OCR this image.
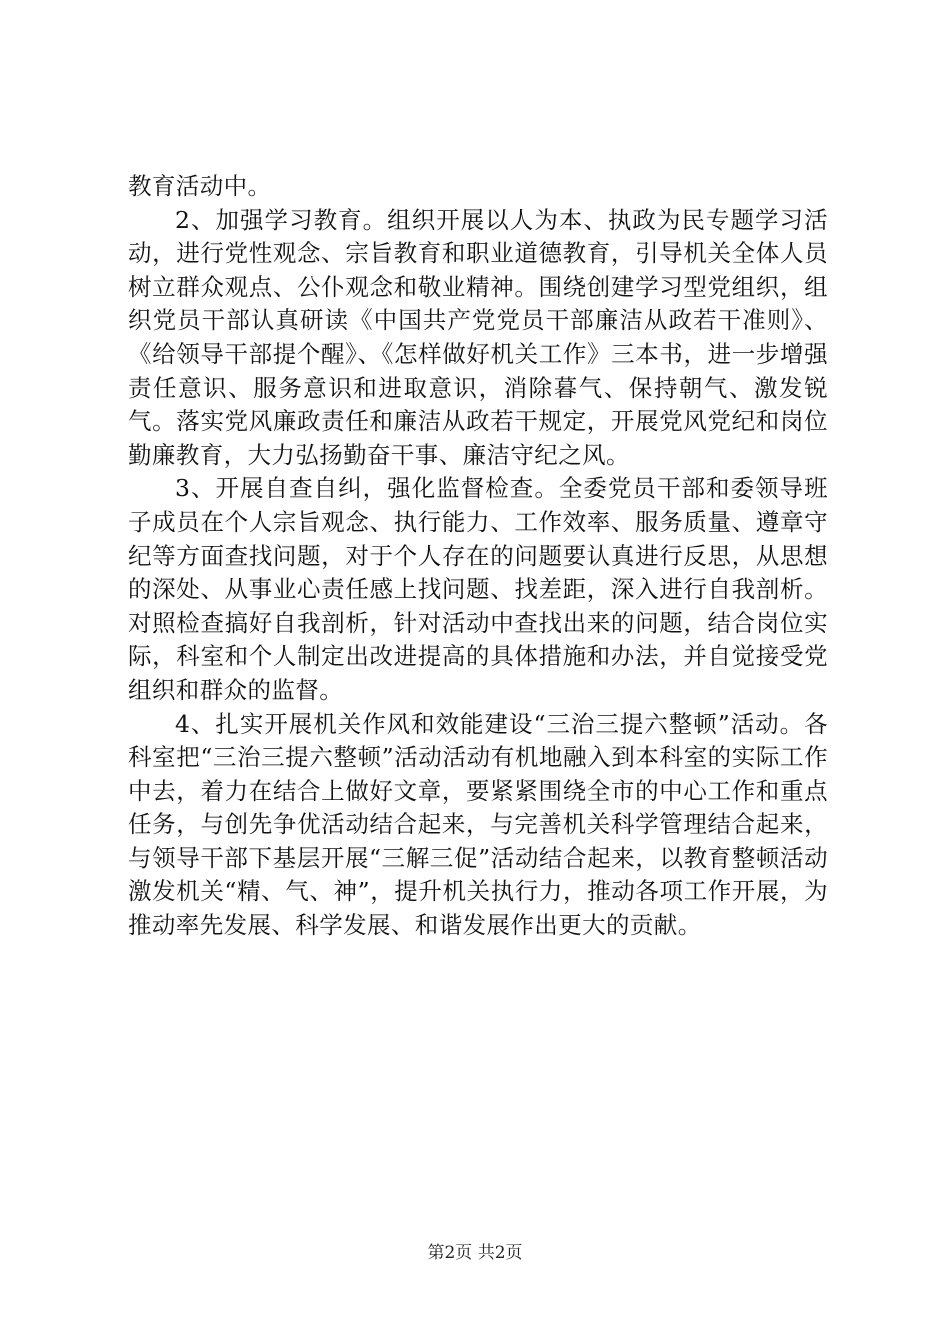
教育活动中。

2、加强学习教育。组织开展以人为本、执政为民专题学习活动，进行党性观念、宗旨教育和职业道德教育，引导机关全体人员树立群众观点、公仆观念和敬业精神。围绕创建学习型党组织，组织党员干部认真研读《中国共产党党员干部廉洁从政若干准则》、《给领导干部提个醒》、《怎样做好机关工作》三本书，进一步增强责任意识、服务意识和进取意识，消除暮气、保持朝气、激发锐气。落实党风廉政责任和廉洁从政若干规定，开展党风党纪和岗位勤廉教育，大力弘扬勤奋干事、廉洁守纪之风。

3、开展自查自纠，强化监督检查。全委党员干部和委领导班子成员在个人宗旨观念、执行能力、工作效率、服务质量、遵章守纪等方面查找问题，对于个人存在的问题要认真进行反思，从思想的深处、从事业心责任感上找问题、找差距，深入进行自我剖析。对照检查搞好自我剖析，针对活动中查找出来的问题，结合岗位实际，科室和个人制定出改进提高的具体措施和办法，并自觉接受党组织和群众的监督。

4、扎实开展机关作风和效能建设“三治三提六整顿”活动。各科室把“三治三提六整顿”活动活动有机地融入到本科室的实际工作中去，着力在结合上做好文章，要紧紧围绕全市的中心工作和重点任务，与创先争优活动结合起来，与完善机关科学管理结合起来，与领导干部下基层开展“三解三促”活动结合起来，以教育整顿活动激发机关“精、气、神”，提升机关执行力，推动各项工作开展，为推动率先发展、科学发展、和谐发展作出更大的贡献。

第2页 共2页
